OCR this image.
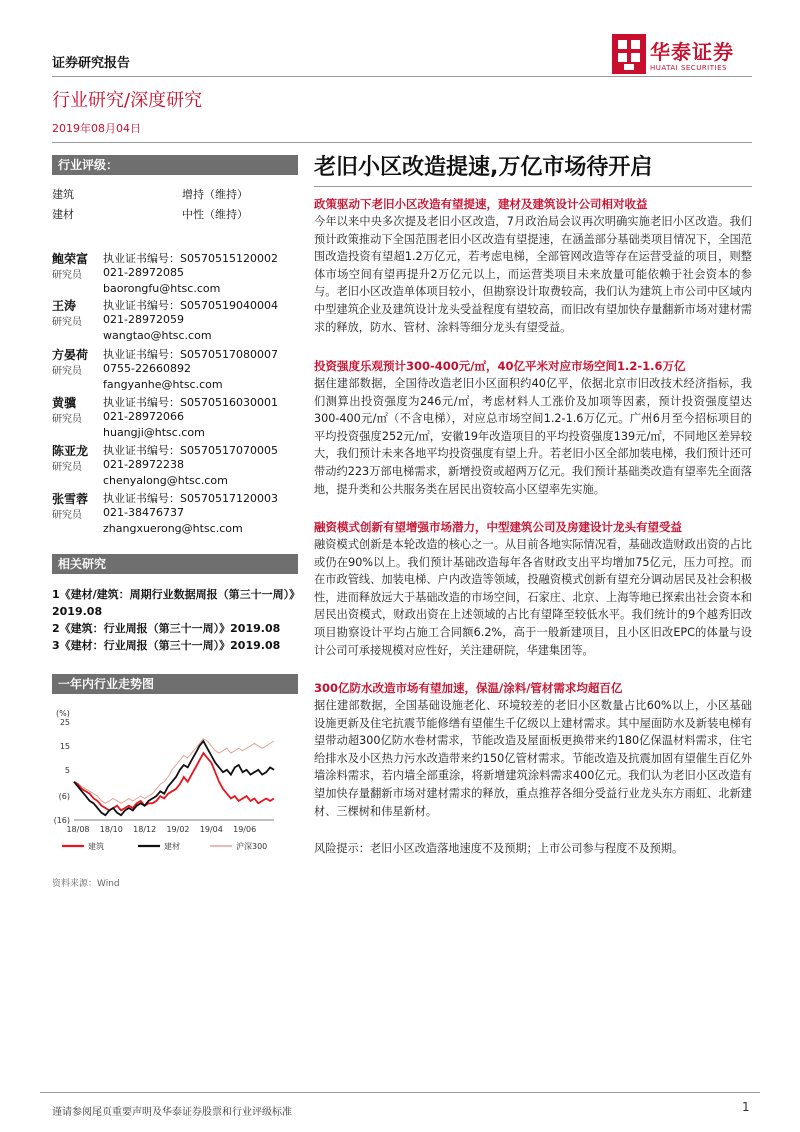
证券研究报告
行业研究/深度研究
2019年08月04日
华泰证券
HUATAI SECURITIES
行业评级：
建筑	增持（维持）
建材	中性（维持）
鲍荣富
研究员
执业证书编号：S0570515120002
021-28972085
baorongfu@htsc.com
王涛
研究员
执业证书编号：S0570519040004
021-28972059
wangtao@htsc.com
方晏荷
研究员
执业证书编号：S0570517080007
0755-22660892
fangyanhe@htsc.com
黄骥
研究员
执业证书编号：S0570516030001
021-28972066
huangji@htsc.com
陈亚龙
研究员
执业证书编号：S0570517070005
021-28972238
chenyalong@htsc.com
张雪蓉
研究员
执业证书编号：S0570517120003
021-38476737
zhangxuerong@htsc.com
相关研究
1《建材/建筑：周期行业数据周报（第三十一周）》2019.08
2《建筑：行业周报（第三十一周）》2019.08
3《建材：行业周报（第三十一周）》2019.08
一年内行业走势图
(%)
25
15
5
(6)
(16)
18/08 18/10 18/12 19/02 19/04 19/06
建筑	建材	沪深300
资料来源：Wind
老旧小区改造提速,万亿市场待开启
政策驱动下老旧小区改造有望提速，建材及建筑设计公司相对收益
今年以来中央多次提及老旧小区改造，7月政治局会议再次明确实施老旧小区改造。我们预计政策推动下全国范围老旧小区改造有望提速，在涵盖部分基础类项目情况下，全国范围改造投资有望超1.2万亿元，若考虑电梯，全部管网改造等存在运营受益的项目，则整体市场空间有望再提升2万亿元以上，而运营类项目未来放量可能依赖于社会资本的参与。老旧小区改造单体项目较小，但勘察设计取费较高，我们认为建筑上市公司中区域内中型建筑企业及建筑设计龙头受益程度有望较高，而旧改有望加快存量翻新市场对建材需求的释放，防水、管材、涂料等细分龙头有望受益。
投资强度乐观预计300-400元/㎡，40亿平米对应市场空间1.2-1.6万亿
据住建部数据，全国待改造老旧小区面积约40亿平，依据北京市旧改技术经济指标，我们测算出投资强度为246元/㎡，考虑材料人工涨价及加项等因素，预计投资强度望达300-400元/㎡（不含电梯），对应总市场空间1.2-1.6万亿元。广州6月至今招标项目的平均投资强度252元/㎡，安徽19年改造项目的平均投资强度139元/㎡，不同地区差异较大，我们预计未来各地平均投资强度有望上升。若老旧小区全部加装电梯，我们预计还可带动约223万部电梯需求，新增投资或超两万亿元。我们预计基础类改造有望率先全面落地，提升类和公共服务类在居民出资较高小区望率先实施。
融资模式创新有望增强市场潜力，中型建筑公司及房建设计龙头有望受益
融资模式创新是本轮改造的核心之一。从目前各地实际情况看，基础改造财政出资的占比或仍在90%以上。我们预计基础改造每年各省财政支出平均增加75亿元，压力可控。而在市政管线、加装电梯、户内改造等领域，投融资模式创新有望充分调动居民及社会积极性，进而释放远大于基础改造的市场空间，石家庄、北京、上海等地已探索出社会资本和居民出资模式，财政出资在上述领域的占比有望降至较低水平。我们统计的9个越秀旧改项目勘察设计平均占施工合同额6.2%，高于一般新建项目，且小区旧改EPC的体量与设计公司可承接规模对应性好，关注建研院，华建集团等。
300亿防水改造市场有望加速，保温/涂料/管材需求均超百亿
据住建部数据，全国基础设施老化、环境较差的老旧小区数量占比60%以上，小区基础设施更新及住宅抗震节能修缮有望催生千亿级以上建材需求。其中屋面防水及新装电梯有望带动超300亿防水卷材需求，节能改造及屋面板更换带来约180亿保温材料需求，住宅给排水及小区热力污水改造带来约150亿管材需求。节能改造及抗震加固有望催生百亿外墙涂料需求，若内墙全部重涂，将新增建筑涂料需求400亿元。我们认为老旧小区改造有望加快存量翻新市场对建材需求的释放，重点推荐各细分受益行业龙头东方雨虹、北新建材、三棵树和伟星新材。
风险提示：老旧小区改造落地速度不及预期；上市公司参与程度不及预期。
谨请参阅尾页重要声明及华泰证券股票和行业评级标准	1
